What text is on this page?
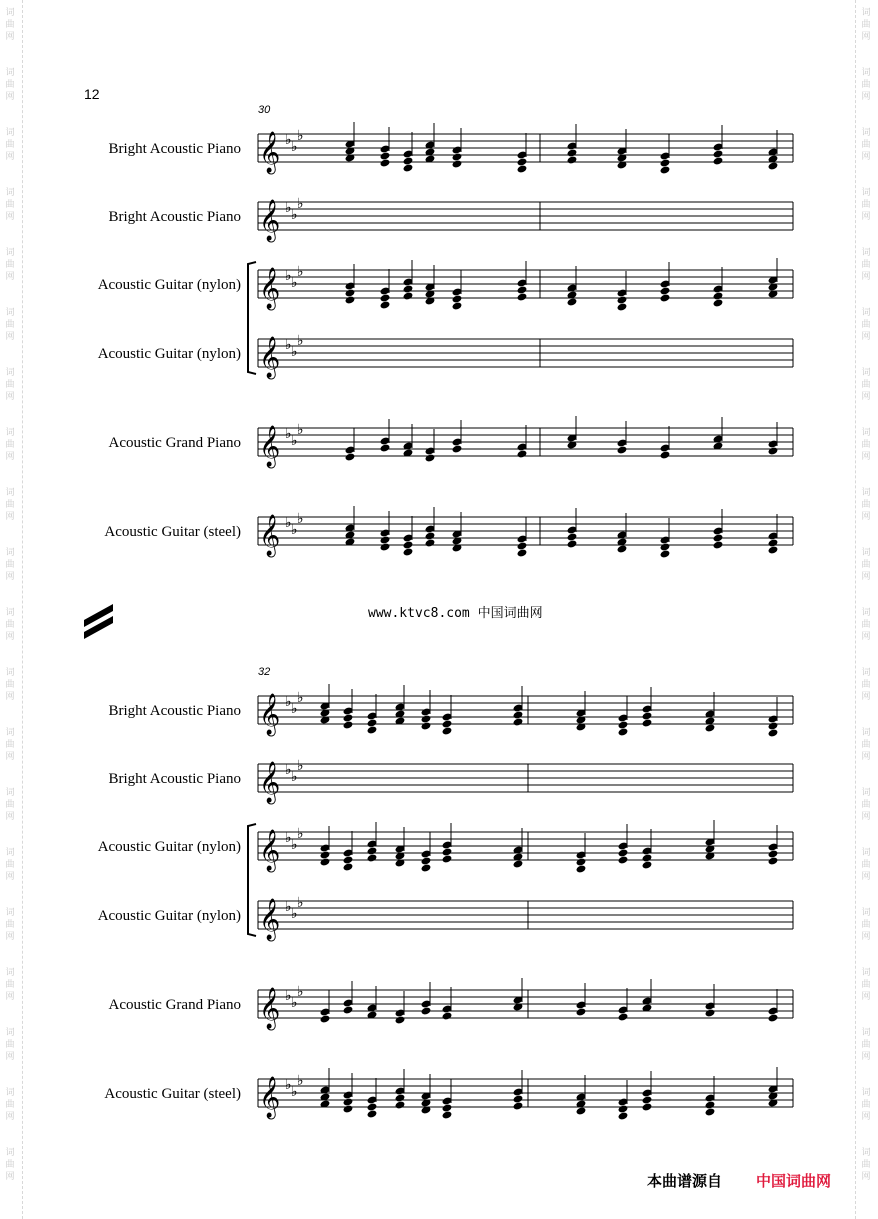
词
曲
网
词
曲
网
词
曲
网
词
曲
网
词
曲
网
词
曲
网
词
曲
网
词
曲
网
词
曲
网
词
曲
网
词
曲
网
词
曲
网
词
曲
网
词
曲
网
词
曲
网
词
曲
网
词
曲
网
词
曲
网
词
曲
网
词
曲
网
词
曲
网
词
曲
网
词
曲
网
词
曲
网
词
曲
网
词
曲
网
词
曲
网
词
曲
网
词
曲
网
词
曲
网
词
曲
网
词
曲
网
词
曲
网
词
曲
网
词
曲
网
词
曲
网
词
曲
网
词
曲
网
词
曲
网
词
曲
网
12
30
Bright Acoustic Piano
Bright Acoustic Piano
Acoustic Guitar (nylon)
Acoustic Guitar (nylon)
Acoustic Grand Piano
Acoustic Guitar (steel)
www.ktvc8.com 中国词曲网
32
Bright Acoustic Piano
Bright Acoustic Piano
Acoustic Guitar (nylon)
Acoustic Guitar (nylon)
Acoustic Grand Piano
Acoustic Guitar (steel)
本曲谱源自 中国词曲网
𝄞 ♭ ♭
♭
𝄞 ♭ ♭
♭
𝄞 ♭ ♭
♭
𝄞 ♭ ♭
♭
𝄞 ♭ ♭
♭
𝄞 ♭ ♭
♭
𝄞 ♭ ♭
♭
𝄞 ♭ ♭
♭
𝄞 ♭ ♭
♭
𝄞 ♭ ♭
♭
𝄞 ♭ ♭
♭
𝄞 ♭ ♭
♭
